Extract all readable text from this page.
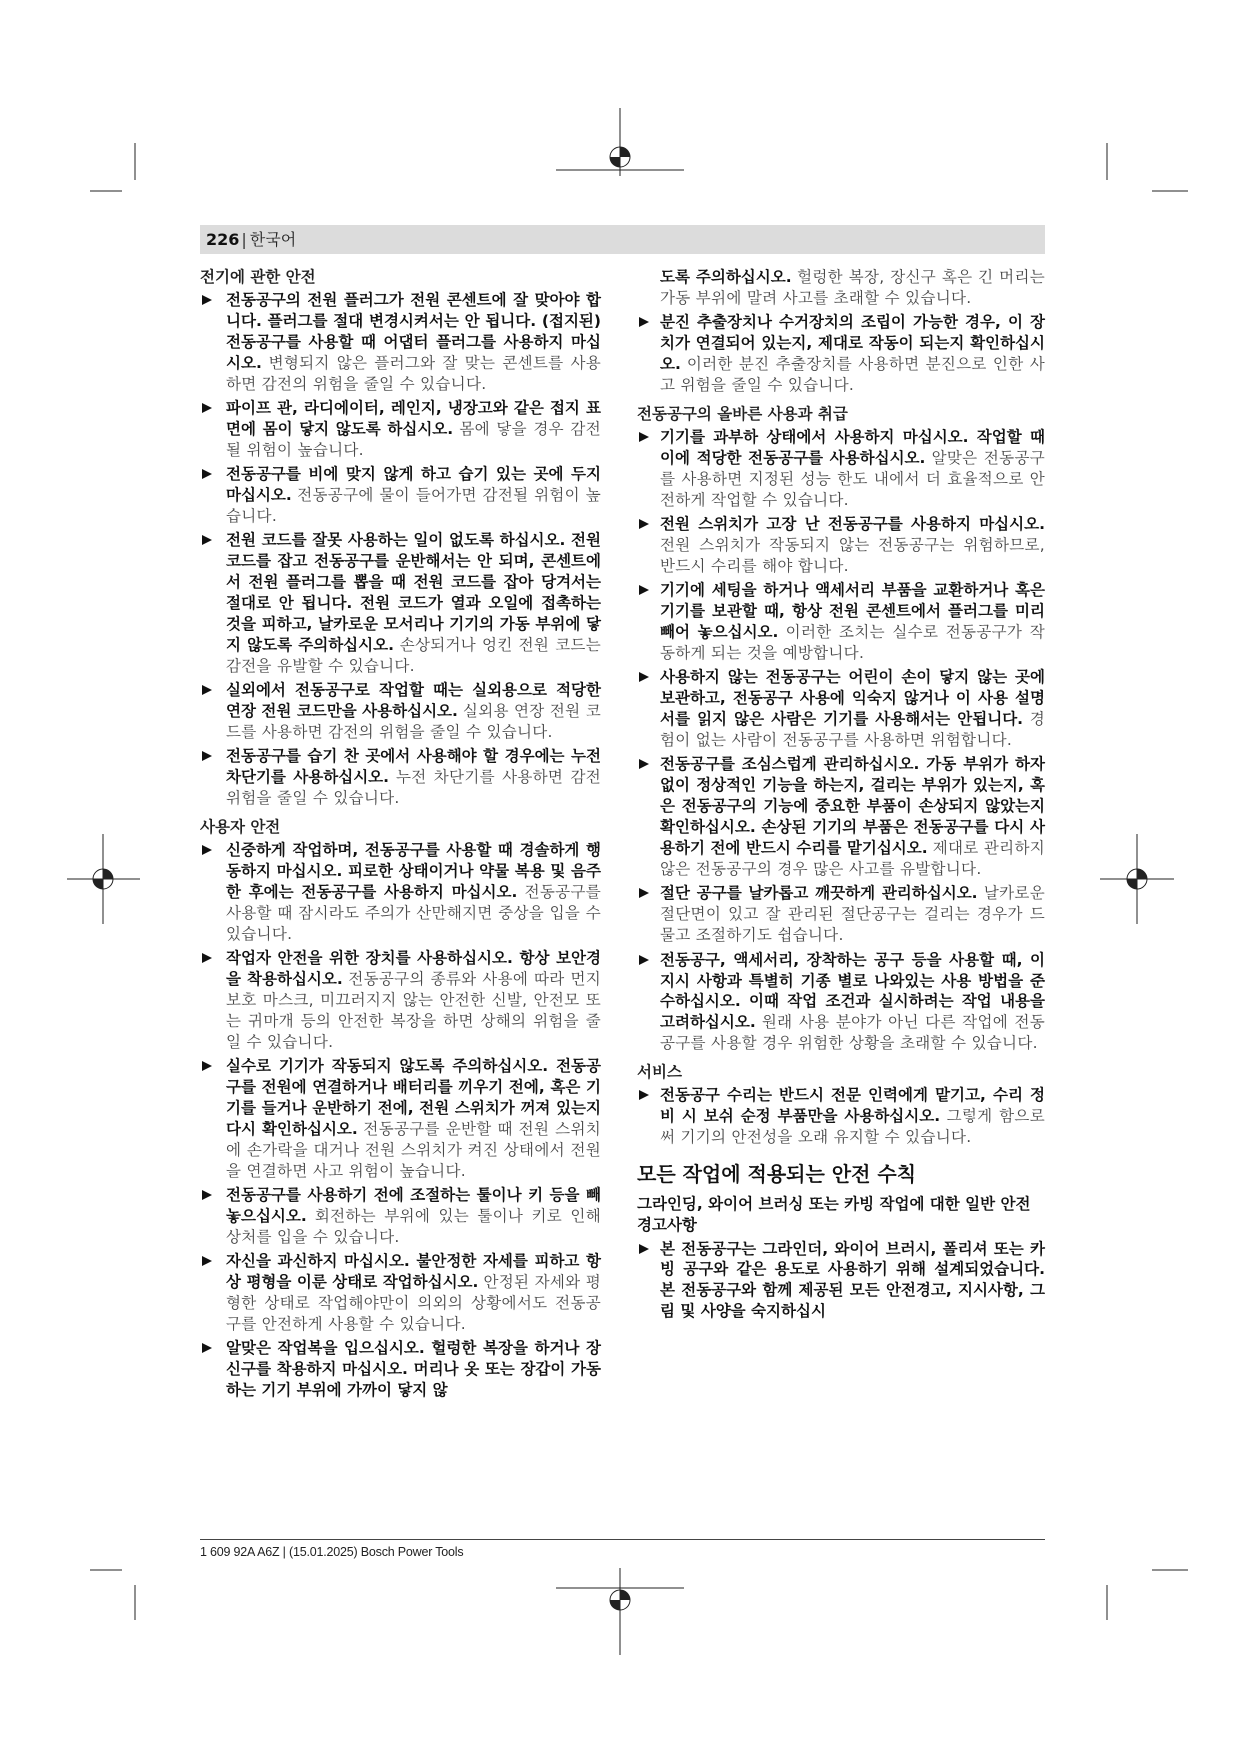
226 | 한국어
전기에 관한 안전
전동공구의 전원 플러그가 전원 콘센트에 잘 맞아야 합니다. 플러그를 절대 변경시켜서는 안 됩니다. (접지된) 전동공구를 사용할 때 어댑터 플러그를 사용하지 마십시오. 변형되지 않은 플러그와 잘 맞는 콘센트를 사용하면 감전의 위험을 줄일 수 있습니다.
파이프 관, 라디에이터, 레인지, 냉장고와 같은 접지 표면에 몸이 닿지 않도록 하십시오. 몸에 닿을 경우 감전될 위험이 높습니다.
전동공구를 비에 맞지 않게 하고 습기 있는 곳에 두지 마십시오. 전동공구에 물이 들어가면 감전될 위험이 높습니다.
전원 코드를 잘못 사용하는 일이 없도록 하십시오. 전원 코드를 잡고 전동공구를 운반해서는 안 되며, 콘센트에서 전원 플러그를 뽑을 때 전원 코드를 잡아 당겨서는 절대로 안 됩니다. 전원 코드가 열과 오일에 접촉하는 것을 피하고, 날카로운 모서리나 기기의 가동 부위에 닿지 않도록 주의하십시오. 손상되거나 엉킨 전원 코드는 감전을 유발할 수 있습니다.
실외에서 전동공구로 작업할 때는 실외용으로 적당한 연장 전원 코드만을 사용하십시오. 실외용 연장 전원 코드를 사용하면 감전의 위험을 줄일 수 있습니다.
전동공구를 습기 찬 곳에서 사용해야 할 경우에는 누전 차단기를 사용하십시오. 누전 차단기를 사용하면 감전 위험을 줄일 수 있습니다.
사용자 안전
신중하게 작업하며, 전동공구를 사용할 때 경솔하게 행동하지 마십시오. 피로한 상태이거나 약물 복용 및 음주한 후에는 전동공구를 사용하지 마십시오. 전동공구를 사용할 때 잠시라도 주의가 산만해지면 중상을 입을 수 있습니다.
작업자 안전을 위한 장치를 사용하십시오. 항상 보안경을 착용하십시오. 전동공구의 종류와 사용에 따라 먼지 보호 마스크, 미끄러지지 않는 안전한 신발, 안전모 또는 귀마개 등의 안전한 복장을 하면 상해의 위험을 줄일 수 있습니다.
실수로 기기가 작동되지 않도록 주의하십시오. 전동공구를 전원에 연결하거나 배터리를 끼우기 전에, 혹은 기기를 들거나 운반하기 전에, 전원 스위치가 꺼져 있는지 다시 확인하십시오. 전동공구를 운반할 때 전원 스위치에 손가락을 대거나 전원 스위치가 켜진 상태에서 전원을 연결하면 사고 위험이 높습니다.
전동공구를 사용하기 전에 조절하는 툴이나 키 등을 빼 놓으십시오. 회전하는 부위에 있는 툴이나 키로 인해 상처를 입을 수 있습니다.
자신을 과신하지 마십시오. 불안정한 자세를 피하고 항상 평형을 이룬 상태로 작업하십시오. 안정된 자세와 평형한 상태로 작업해야만이 의외의 상황에서도 전동공구를 안전하게 사용할 수 있습니다.
알맞은 작업복을 입으십시오. 헐렁한 복장을 하거나 장신구를 착용하지 마십시오. 머리나 옷 또는 장갑이 가동하는 기기 부위에 가까이 닿지 않
도록 주의하십시오. 헐렁한 복장, 장신구 혹은 긴 머리는 가동 부위에 말려 사고를 초래할 수 있습니다.
분진 추출장치나 수거장치의 조립이 가능한 경우, 이 장치가 연결되어 있는지, 제대로 작동이 되는지 확인하십시오. 이러한 분진 추출장치를 사용하면 분진으로 인한 사고 위험을 줄일 수 있습니다.
전동공구의 올바른 사용과 취급
기기를 과부하 상태에서 사용하지 마십시오. 작업할 때 이에 적당한 전동공구를 사용하십시오. 알맞은 전동공구를 사용하면 지정된 성능 한도 내에서 더 효율적으로 안전하게 작업할 수 있습니다.
전원 스위치가 고장 난 전동공구를 사용하지 마십시오. 전원 스위치가 작동되지 않는 전동공구는 위험하므로, 반드시 수리를 해야 합니다.
기기에 세팅을 하거나 액세서리 부품을 교환하거나 혹은 기기를 보관할 때, 항상 전원 콘센트에서 플러그를 미리 빼어 놓으십시오. 이러한 조치는 실수로 전동공구가 작동하게 되는 것을 예방합니다.
사용하지 않는 전동공구는 어린이 손이 닿지 않는 곳에 보관하고, 전동공구 사용에 익숙지 않거나 이 사용 설명서를 읽지 않은 사람은 기기를 사용해서는 안됩니다. 경험이 없는 사람이 전동공구를 사용하면 위험합니다.
전동공구를 조심스럽게 관리하십시오. 가동 부위가 하자 없이 정상적인 기능을 하는지, 걸리는 부위가 있는지, 혹은 전동공구의 기능에 중요한 부품이 손상되지 않았는지 확인하십시오. 손상된 기기의 부품은 전동공구를 다시 사용하기 전에 반드시 수리를 맡기십시오. 제대로 관리하지 않은 전동공구의 경우 많은 사고를 유발합니다.
절단 공구를 날카롭고 깨끗하게 관리하십시오. 날카로운 절단면이 있고 잘 관리된 절단공구는 걸리는 경우가 드물고 조절하기도 쉽습니다.
전동공구, 액세서리, 장착하는 공구 등을 사용할 때, 이 지시 사항과 특별히 기종 별로 나와있는 사용 방법을 준수하십시오. 이때 작업 조건과 실시하려는 작업 내용을 고려하십시오. 원래 사용 분야가 아닌 다른 작업에 전동공구를 사용할 경우 위험한 상황을 초래할 수 있습니다.
서비스
전동공구 수리는 반드시 전문 인력에게 맡기고, 수리 정비 시 보쉬 순정 부품만을 사용하십시오. 그렇게 함으로써 기기의 안전성을 오래 유지할 수 있습니다.
모든 작업에 적용되는 안전 수칙
그라인딩, 와이어 브러싱 또는 카빙 작업에 대한 일반 안전 경고사항
본 전동공구는 그라인더, 와이어 브러시, 폴리셔 또는 카빙 공구와 같은 용도로 사용하기 위해 설계되었습니다. 본 전동공구와 함께 제공된 모든 안전경고, 지시사항, 그림 및 사양을 숙지하십시
1 609 92A A6Z | (15.01.2025) Bosch Power Tools
